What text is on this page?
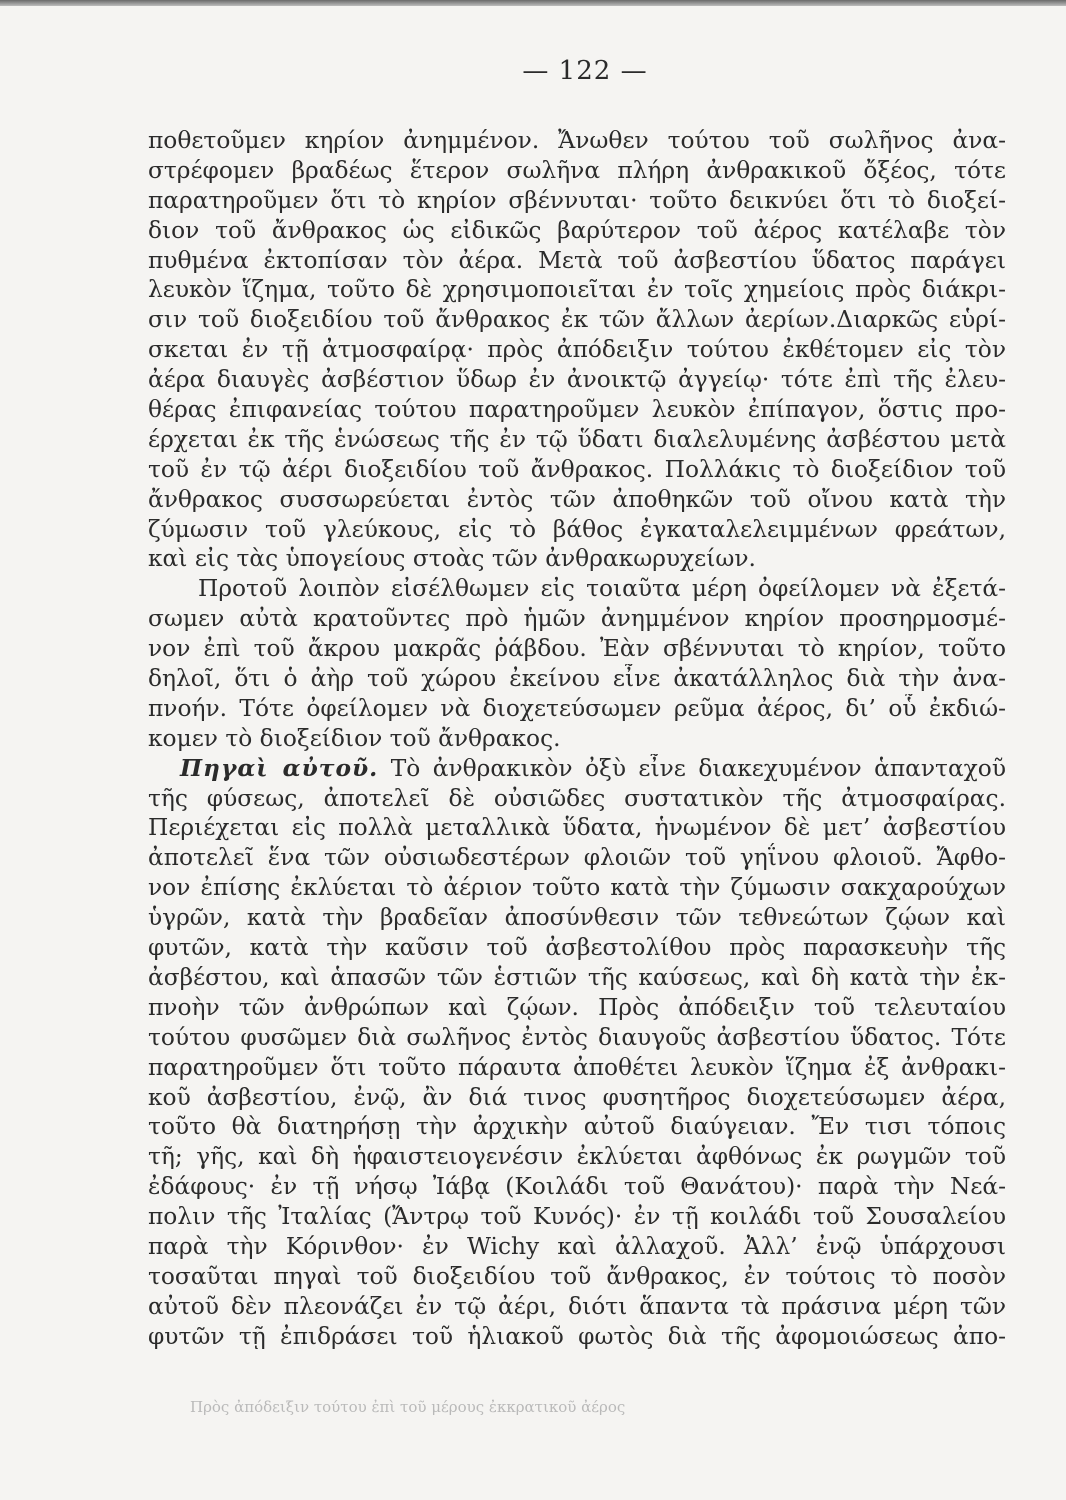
— 122 —
ποθετοῦμεν κηρίον ἀνημμένον. Ἄνωθεν τούτου τοῦ σωλῆνος ἀνα-
στρέφομεν βραδέως ἕτερον σωλῆνα πλήρη ἀνθρακικοῦ ὄξέος, τότε
παρατηροῦμεν ὅτι τὸ κηρίον σβέννυται· τοῦτο δεικνύει ὅτι τὸ διοξεί-
διον τοῦ ἄνθρακος ὡς εἰδικῶς βαρύτερον τοῦ ἀέρος κατέλαβε τὸν
πυθμένα ἐκτοπίσαν τὸν ἀέρα. Μετὰ τοῦ ἀσβεστίου ὕδατος παράγει
λευκὸν ἵζημα, τοῦτο δὲ χρησιμοποιεῖται ἐν τοῖς χημείοις πρὸς διάκρι-
σιν τοῦ διοξειδίου τοῦ ἄνθρακος ἐκ τῶν ἄλλων ἀερίων.Διαρκῶς εὑρί-
σκεται ἐν τῇ ἀτμοσφαίρᾳ· πρὸς ἀπόδειξιν τούτου ἐκθέτομεν εἰς τὸν
ἀέρα διαυγὲς ἀσβέστιον ὕδωρ ἐν ἀνοικτῷ ἀγγείῳ· τότε ἐπὶ τῆς ἐλευ-
θέρας ἐπιφανείας τούτου παρατηροῦμεν λευκὸν ἐπίπαγον, ὅστις προ-
έρχεται ἐκ τῆς ἑνώσεως τῆς ἐν τῷ ὕδατι διαλελυμένης ἀσβέστου μετὰ
τοῦ ἐν τῷ ἀέρι διοξειδίου τοῦ ἄνθρακος. Πολλάκις τὸ διοξείδιον τοῦ
ἄνθρακος συσσωρεύεται ἐντὸς τῶν ἀποθηκῶν τοῦ οἴνου κατὰ τὴν
ζύμωσιν τοῦ γλεύκους, εἰς τὸ βάθος ἐγκαταλελειμμένων φρεάτων,
καὶ εἰς τὰς ὑπογείους στοὰς τῶν ἀνθρακωρυχείων.
Προτοῦ λοιπὸν εἰσέλθωμεν εἰς τοιαῦτα μέρη ὀφείλομεν νὰ ἐξετά-
σωμεν αὐτὰ κρατοῦντες πρὸ ἡμῶν ἀνημμένον κηρίον προσηρμοσμέ-
νον ἐπὶ τοῦ ἄκρου μακρᾶς ῥάβδου. Ἐὰν σβέννυται τὸ κηρίον, τοῦτο
δηλοῖ, ὅτι ὁ ἀὴρ τοῦ χώρου ἐκείνου εἶνε ἀκατάλληλος διὰ τὴν ἀνα-
πνοήν. Τότε ὀφείλομεν νὰ διοχετεύσωμεν ρεῦμα ἀέρος, δι’ οὗ ἐκδιώ-
κομεν τὸ διοξείδιον τοῦ ἄνθρακος.
Πηγαὶ αὐτοῦ. Τὸ ἀνθρακικὸν ὀξὺ εἶνε διακεχυμένον ἁπανταχοῦ
τῆς φύσεως, ἀποτελεῖ δὲ οὐσιῶδες συστατικὸν τῆς ἀτμοσφαίρας.
Περιέχεται εἰς πολλὰ μεταλλικὰ ὕδατα, ἡνωμένον δὲ μετ’ ἀσβεστίου
ἀποτελεῖ ἕνα τῶν οὐσιωδεστέρων φλοιῶν τοῦ γηΐνου φλοιοῦ. Ἄφθο-
νον ἐπίσης ἐκλύεται τὸ ἀέριον τοῦτο κατὰ τὴν ζύμωσιν σακχαρούχων
ὑγρῶν, κατὰ τὴν βραδεῖαν ἀποσύνθεσιν τῶν τεθνεώτων ζῴων καὶ
φυτῶν, κατὰ τὴν καῦσιν τοῦ ἀσβεστολίθου πρὸς παρασκευὴν τῆς
ἀσβέστου, καὶ ἁπασῶν τῶν ἑστιῶν τῆς καύσεως, καὶ δὴ κατὰ τὴν ἐκ-
πνοὴν τῶν ἀνθρώπων καὶ ζῴων. Πρὸς ἀπόδειξιν τοῦ τελευταίου
τούτου φυσῶμεν διὰ σωλῆνος ἐντὸς διαυγοῦς ἀσβεστίου ὕδατος. Τότε
παρατηροῦμεν ὅτι τοῦτο πάραυτα ἀποθέτει λευκὸν ἵζημα ἐξ ἀνθρακι-
κοῦ ἀσβεστίου, ἐνῷ, ἂν διά τινος φυσητῆρος διοχετεύσωμεν ἀέρα,
τοῦτο θὰ διατηρήσῃ τὴν ἀρχικὴν αὐτοῦ διαύγειαν. Ἔν τισι τόποις
τῆ; γῆς, καὶ δὴ ἡφαιστειογενέσιν ἐκλύεται ἀφθόνως ἐκ ρωγμῶν τοῦ
ἐδάφους· ἐν τῇ νήσῳ Ἰάβᾳ (Κοιλάδι τοῦ Θανάτου)· παρὰ τὴν Νεά-
πολιν τῆς Ἰταλίας (Ἄντρῳ τοῦ Κυνός)· ἐν τῇ κοιλάδι τοῦ Σουσαλείου
παρὰ τὴν Κόρινθον· ἐν Wichy καὶ ἀλλαχοῦ. Ἀλλ’ ἐνῷ ὑπάρχουσι
τοσαῦται πηγαὶ τοῦ διοξειδίου τοῦ ἄνθρακος, ἐν τούτοις τὸ ποσὸν
αὐτοῦ δὲν πλεονάζει ἐν τῷ ἀέρι, διότι ἅπαντα τὰ πράσινα μέρη τῶν
φυτῶν τῇ ἐπιδράσει τοῦ ἡλιακοῦ φωτὸς διὰ τῆς ἀφομοιώσεως ἀπο-
Πρὸς ἀπόδειξιν τούτου ἐπὶ τοῦ μέρους ἐκκρατικοῦ ἀέρος
